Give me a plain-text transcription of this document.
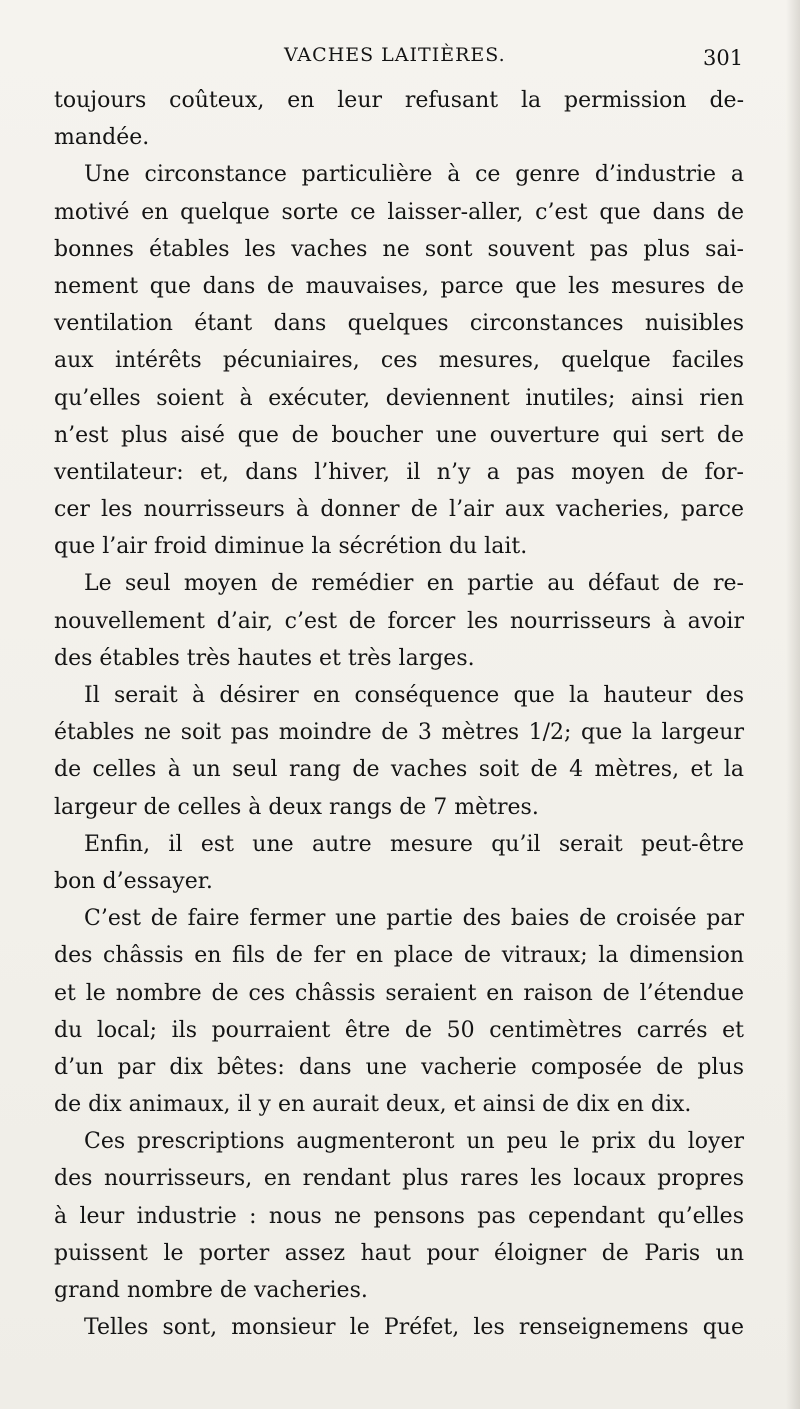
VACHES LAITIÈRES.	301
toujours coûteux, en leur refusant la permission de-
mandée.
Une circonstance particulière à ce genre d’industrie a
motivé en quelque sorte ce laisser-aller, c’est que dans de
bonnes étables les vaches ne sont souvent pas plus sai-
nement que dans de mauvaises, parce que les mesures de
ventilation étant dans quelques circonstances nuisibles
aux intérêts pécuniaires, ces mesures, quelque faciles
qu’elles soient à exécuter, deviennent inutiles; ainsi rien
n’est plus aisé que de boucher une ouverture qui sert de
ventilateur: et, dans l’hiver, il n’y a pas moyen de for-
cer les nourrisseurs à donner de l’air aux vacheries, parce
que l’air froid diminue la sécrétion du lait.
Le seul moyen de remédier en partie au défaut de re-
nouvellement d’air, c’est de forcer les nourrisseurs à avoir
des étables très hautes et très larges.
Il serait à désirer en conséquence que la hauteur des
étables ne soit pas moindre de 3 mètres 1/2; que la largeur
de celles à un seul rang de vaches soit de 4 mètres, et la
largeur de celles à deux rangs de 7 mètres.
Enfin, il est une autre mesure qu’il serait peut-être
bon d’essayer.
C’est de faire fermer une partie des baies de croisée par
des châssis en fils de fer en place de vitraux; la dimension
et le nombre de ces châssis seraient en raison de l’étendue
du local; ils pourraient être de 50 centimètres carrés et
d’un par dix bêtes: dans une vacherie composée de plus
de dix animaux, il y en aurait deux, et ainsi de dix en dix.
Ces prescriptions augmenteront un peu le prix du loyer
des nourrisseurs, en rendant plus rares les locaux propres
à leur industrie : nous ne pensons pas cependant qu’elles
puissent le porter assez haut pour éloigner de Paris un
grand nombre de vacheries.
Telles sont, monsieur le Préfet, les renseignemens que
